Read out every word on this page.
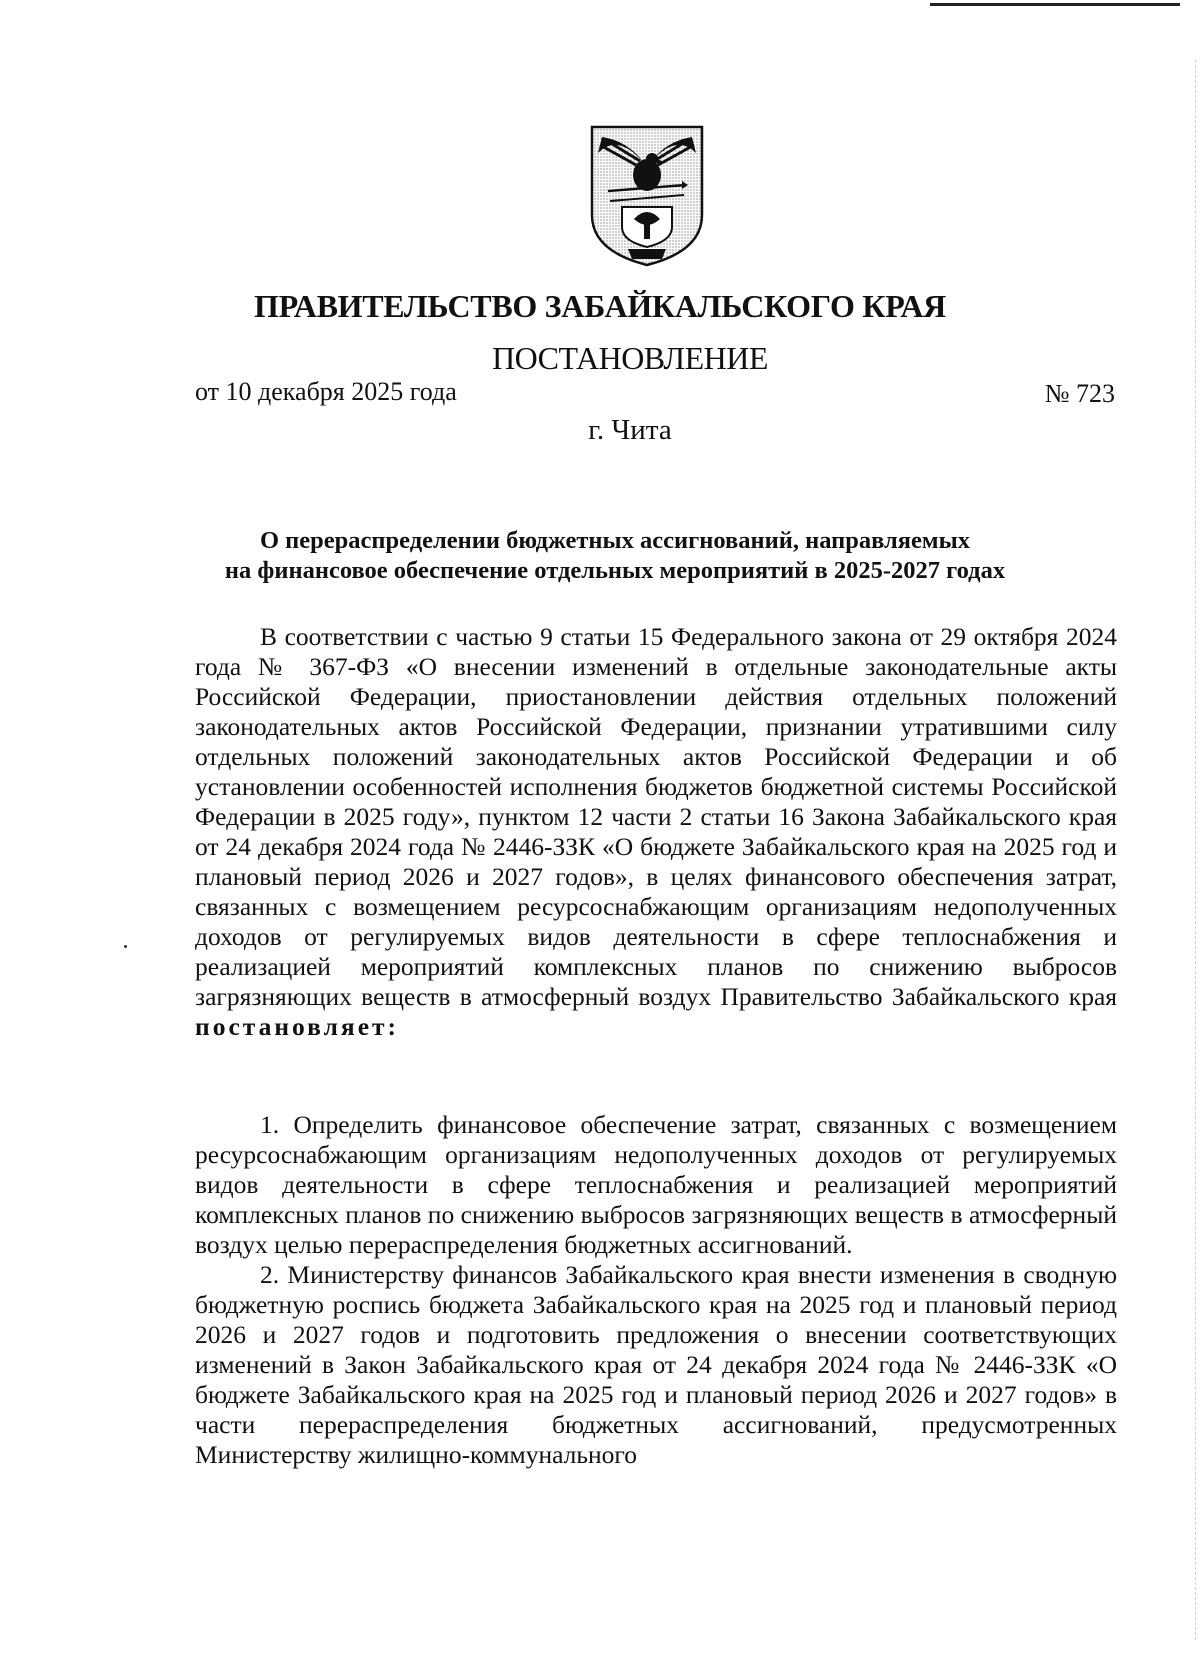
ПРАВИТЕЛЬСТВО ЗАБАЙКАЛЬСКОГО КРАЯ
ПОСТАНОВЛЕНИЕ
от 10 декабря 2025 года	№ 723
г. Чита
О перераспределении бюджетных ассигнований, направляемых
на финансовое обеспечение отдельных мероприятий в 2025-2027 годах

В соответствии с частью 9 статьи 15 Федерального закона от 29 октября 2024 года № 367-ФЗ «О внесении изменений в отдельные законодательные акты Российской Федерации, приостановлении действия отдельных положений законодательных актов Российской Федерации, признании утратившими силу отдельных положений законодательных актов Российской Федерации и об установлении особенностей исполнения бюджетов бюджетной системы Российской Федерации в 2025 году», пунктом 12 части 2 статьи 16 Закона Забайкальского края от 24 декабря 2024 года № 2446-ЗЗК «О бюджете Забайкальского края на 2025 год и плановый период 2026 и 2027 годов», в целях финансового обеспечения затрат, связанных с возмещением ресурсоснабжающим организациям недополученных доходов от регулируемых видов деятельности в сфере теплоснабжения и реализацией мероприятий комплексных планов по снижению выбросов загрязняющих веществ в атмосферный воздух Правительство Забайкальского края постановляет:

1. Определить финансовое обеспечение затрат, связанных с возмещением ресурсоснабжающим организациям недополученных доходов от регулируемых видов деятельности в сфере теплоснабжения и реализацией мероприятий комплексных планов по снижению выбросов загрязняющих веществ в атмосферный воздух целью перераспределения бюджетных ассигнований.

2. Министерству финансов Забайкальского края внести изменения в сводную бюджетную роспись бюджета Забайкальского края на 2025 год и плановый период 2026 и 2027 годов и подготовить предложения о внесении соответствующих изменений в Закон Забайкальского края от 24 декабря 2024 года № 2446-ЗЗК «О бюджете Забайкальского края на 2025 год и плановый период 2026 и 2027 годов» в части перераспределения бюджетных ассигнований, предусмотренных Министерству жилищно-коммунального
